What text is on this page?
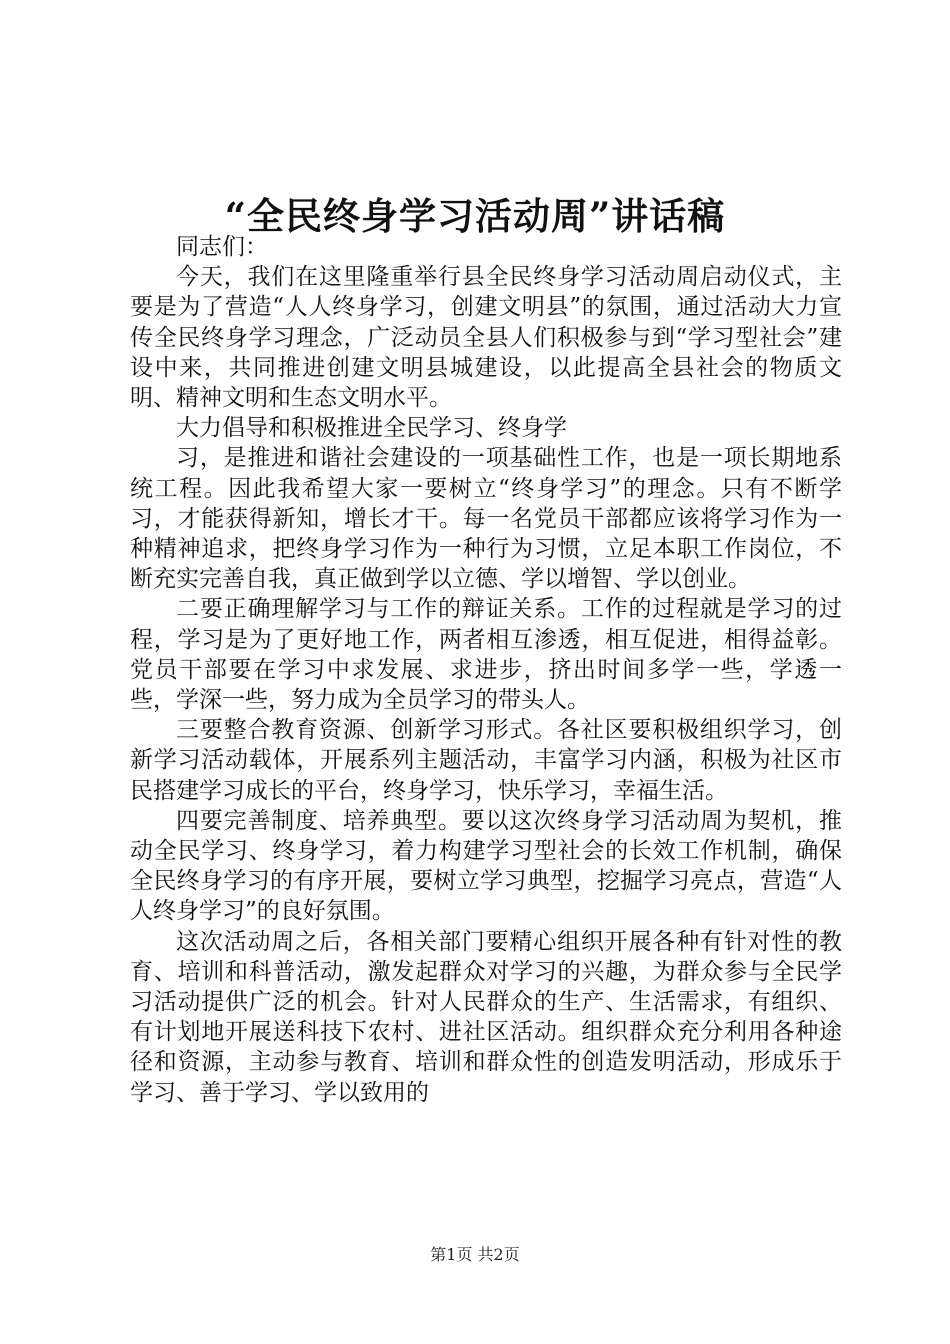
“全民终身学习活动周”讲话稿

同志们：

今天，我们在这里隆重举行县全民终身学习活动周启动仪式，主要是为了营造“人人终身学习，创建文明县”的氛围，通过活动大力宣传全民终身学习理念，广泛动员全县人们积极参与到“学习型社会”建设中来，共同推进创建文明县城建设，以此提高全县社会的物质文明、精神文明和生态文明水平。

大力倡导和积极推进全民学习、终身学

习，是推进和谐社会建设的一项基础性工作，也是一项长期地系统工程。因此我希望大家一要树立“终身学习”的理念。只有不断学习，才能获得新知，增长才干。每一名党员干部都应该将学习作为一种精神追求，把终身学习作为一种行为习惯，立足本职工作岗位，不断充实完善自我，真正做到学以立德、学以增智、学以创业。

二要正确理解学习与工作的辩证关系。工作的过程就是学习的过程，学习是为了更好地工作，两者相互渗透，相互促进，相得益彰。党员干部要在学习中求发展、求进步，挤出时间多学一些，学透一些，学深一些，努力成为全员学习的带头人。

三要整合教育资源、创新学习形式。各社区要积极组织学习，创新学习活动载体，开展系列主题活动，丰富学习内涵，积极为社区市民搭建学习成长的平台，终身学习，快乐学习，幸福生活。

四要完善制度、培养典型。要以这次终身学习活动周为契机，推动全民学习、终身学习，着力构建学习型社会的长效工作机制，确保全民终身学习的有序开展，要树立学习典型，挖掘学习亮点，营造“人人终身学习”的良好氛围。

这次活动周之后，各相关部门要精心组织开展各种有针对性的教育、培训和科普活动，激发起群众对学习的兴趣，为群众参与全民学习活动提供广泛的机会。针对人民群众的生产、生活需求，有组织、有计划地开展送科技下农村、进社区活动。组织群众充分利用各种途径和资源，主动参与教育、培训和群众性的创造发明活动，形成乐于学习、善于学习、学以致用的

第1页 共2页
